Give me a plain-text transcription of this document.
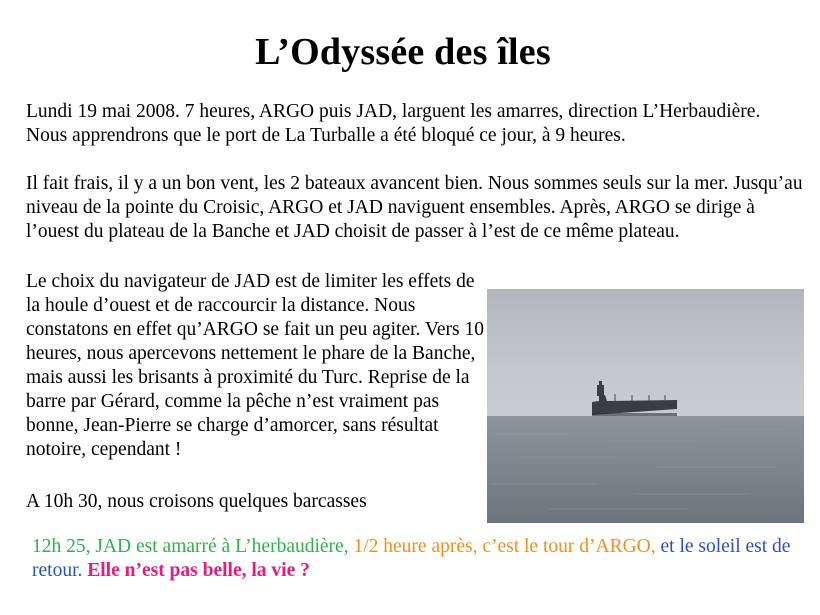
L’Odyssée des îles

Lundi 19 mai 2008. 7 heures, ARGO puis JAD, larguent les amarres, direction L’Herbaudière. Nous apprendrons que le port de La Turballe a été bloqué ce jour, à 9 heures.

Il fait frais, il y a un bon vent, les 2 bateaux avancent bien. Nous sommes seuls sur la mer. Jusqu’au niveau de la pointe du Croisic, ARGO et JAD naviguent ensembles. Après, ARGO se dirige à l’ouest du plateau de la Banche et JAD choisit de passer à l’est de ce même plateau.

Le choix du navigateur de JAD est de limiter les effets de la houle d’ouest et de raccourcir la distance. Nous constatons en effet qu’ARGO se fait un peu agiter. Vers 10 heures, nous apercevons nettement le phare de la Banche, mais aussi les brisants à proximité du Turc. Reprise de la barre par Gérard, comme la pêche n’est vraiment pas bonne, Jean-Pierre se charge d’amorcer, sans résultat notoire, cependant !

A 10h 30, nous croisons quelques barcasses

12h 25, JAD est amarré à L’herbaudière, 1/2 heure après, c’est le tour d’ARGO, et le soleil est de retour. Elle n’est pas belle, la vie ?
